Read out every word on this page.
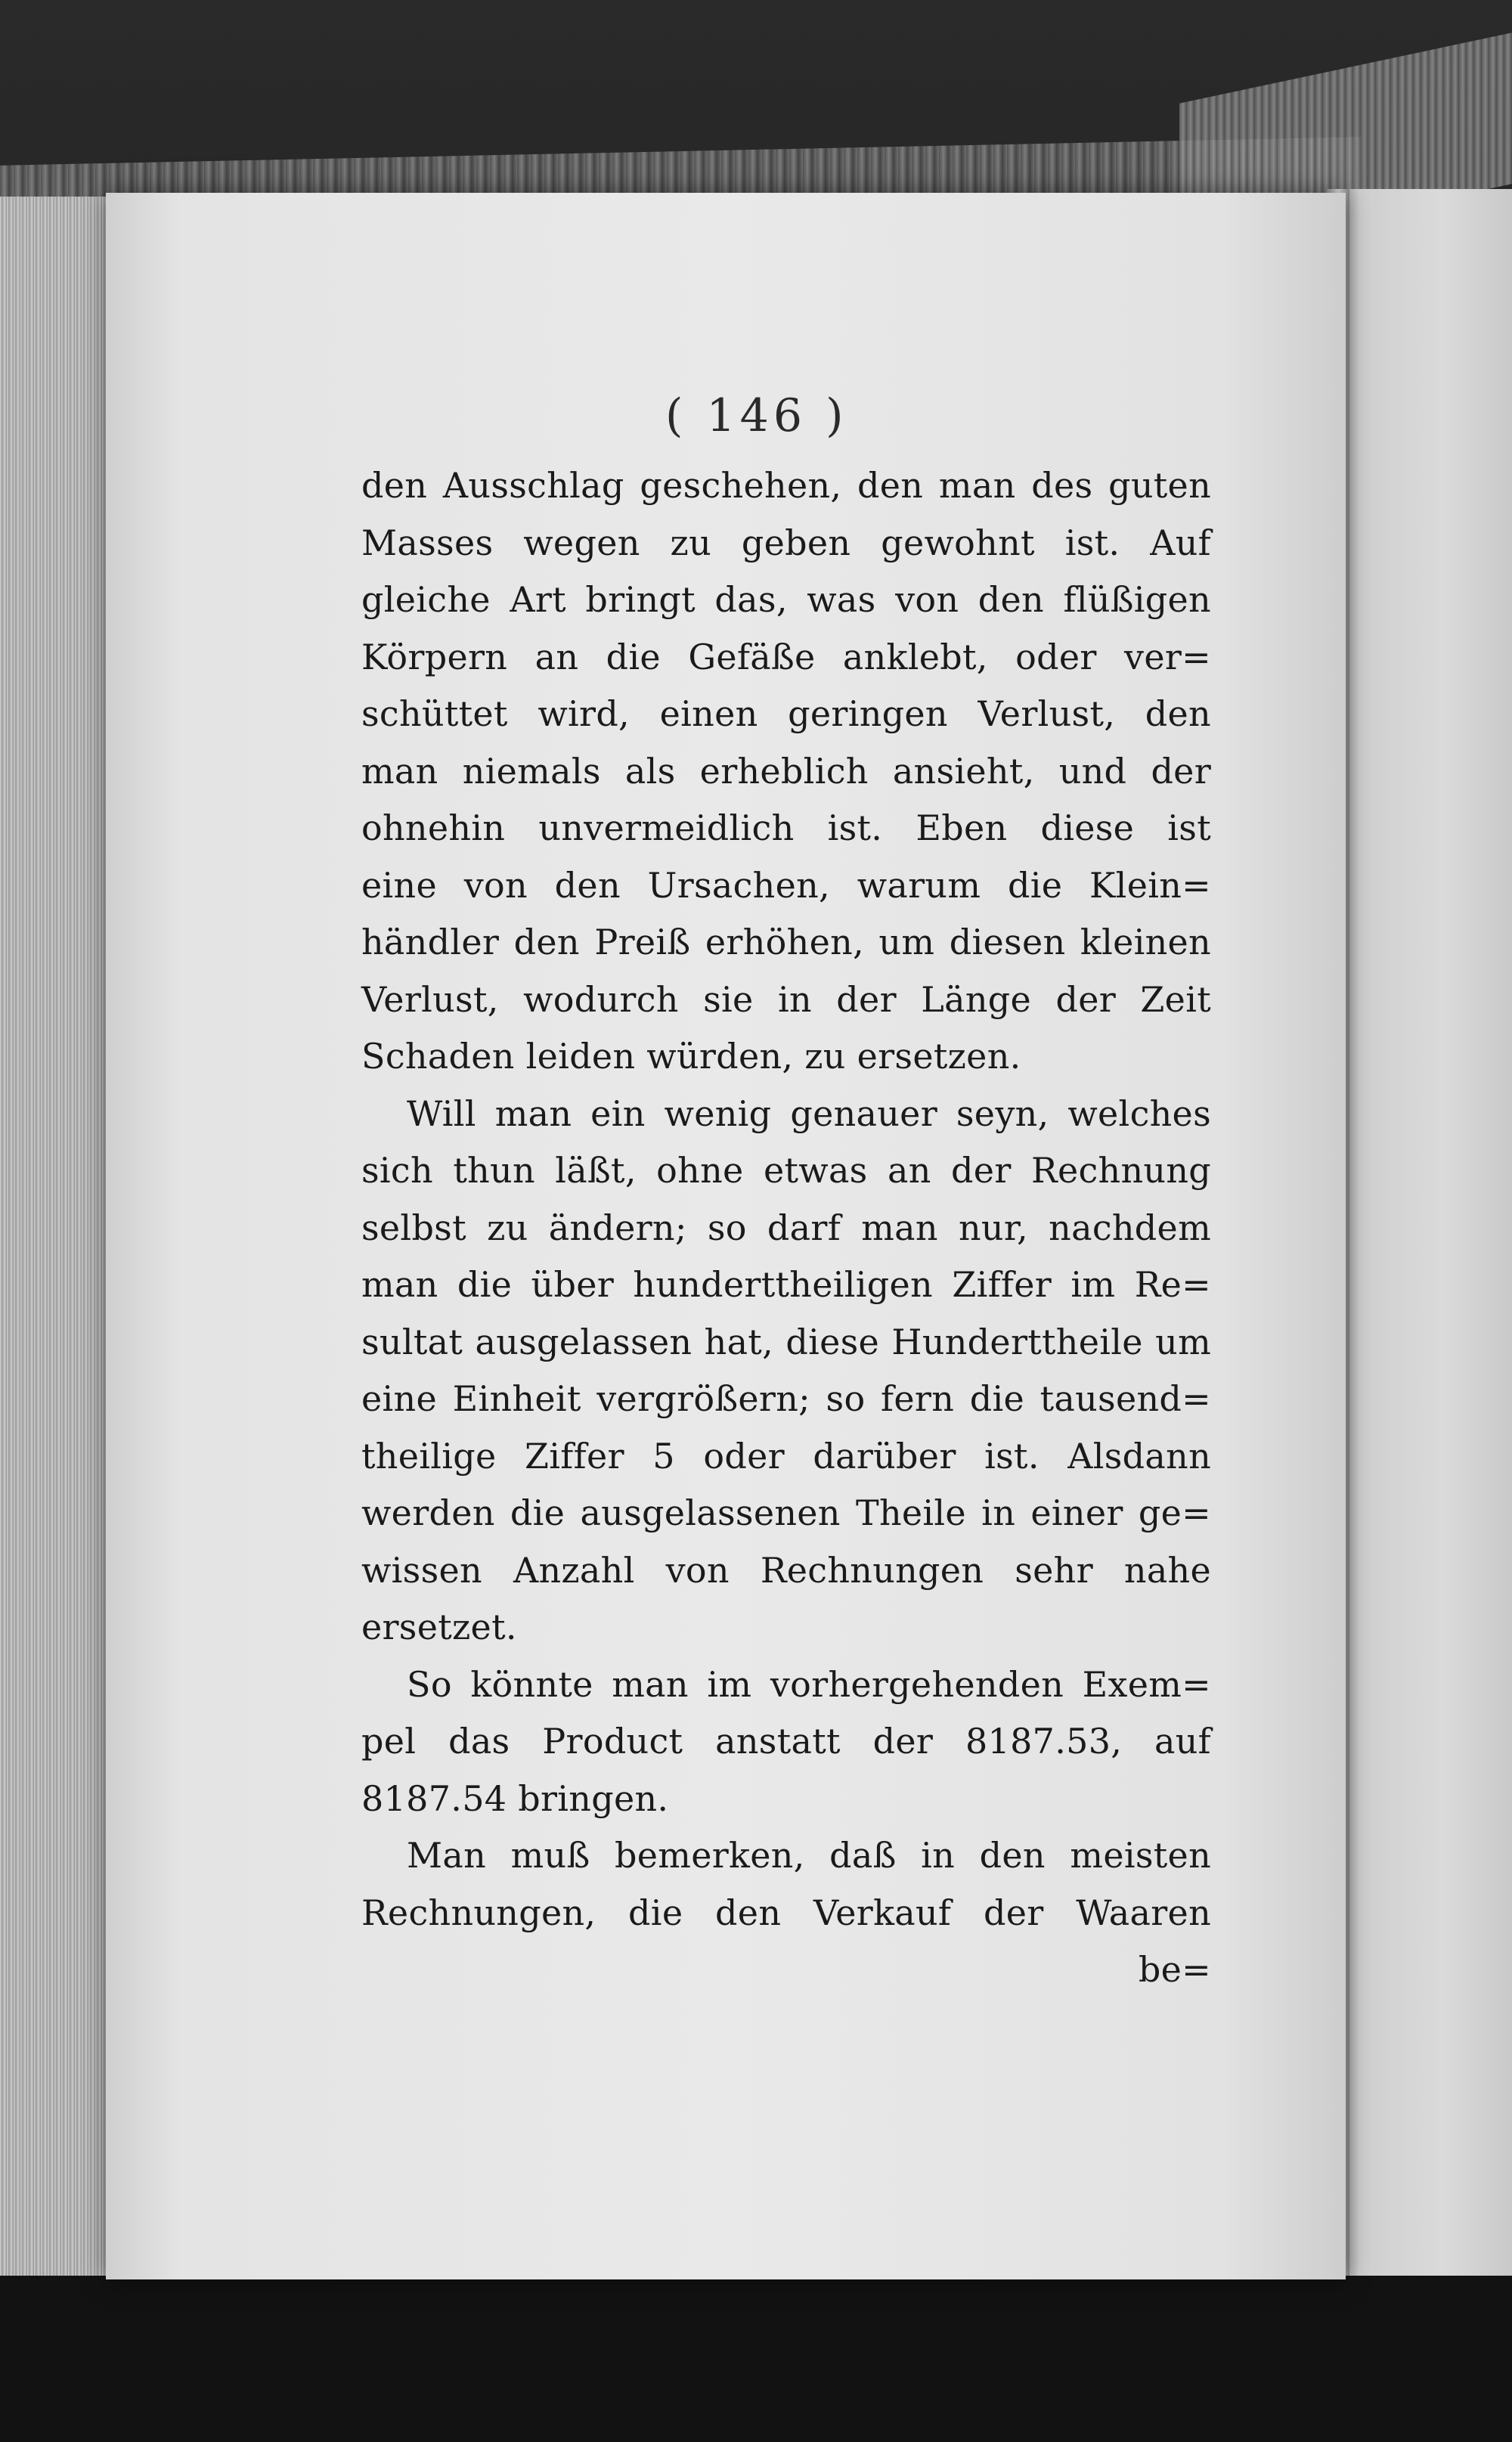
( 146 )
den Ausschlag geschehen, den man des guten
Masses wegen zu geben gewohnt ist. Auf
gleiche Art bringt das, was von den flüßigen
Körpern an die Gefäße anklebt, oder ver=
schüttet wird, einen geringen Verlust, den
man niemals als erheblich ansieht, und der
ohnehin unvermeidlich ist. Eben diese ist
eine von den Ursachen, warum die Klein=
händler den Preiß erhöhen, um diesen kleinen
Verlust, wodurch sie in der Länge der Zeit
Schaden leiden würden, zu ersetzen.
Will man ein wenig genauer seyn, welches
sich thun läßt, ohne etwas an der Rechnung
selbst zu ändern; so darf man nur, nachdem
man die über hunderttheiligen Ziffer im Re=
sultat ausgelassen hat, diese Hunderttheile um
eine Einheit vergrößern; so fern die tausend=
theilige Ziffer 5 oder darüber ist. Alsdann
werden die ausgelassenen Theile in einer ge=
wissen Anzahl von Rechnungen sehr nahe
ersetzet.
So könnte man im vorhergehenden Exem=
pel das Product anstatt der 8187.53, auf
8187.54 bringen.
Man muß bemerken, daß in den meisten
Rechnungen, die den Verkauf der Waaren
be=
